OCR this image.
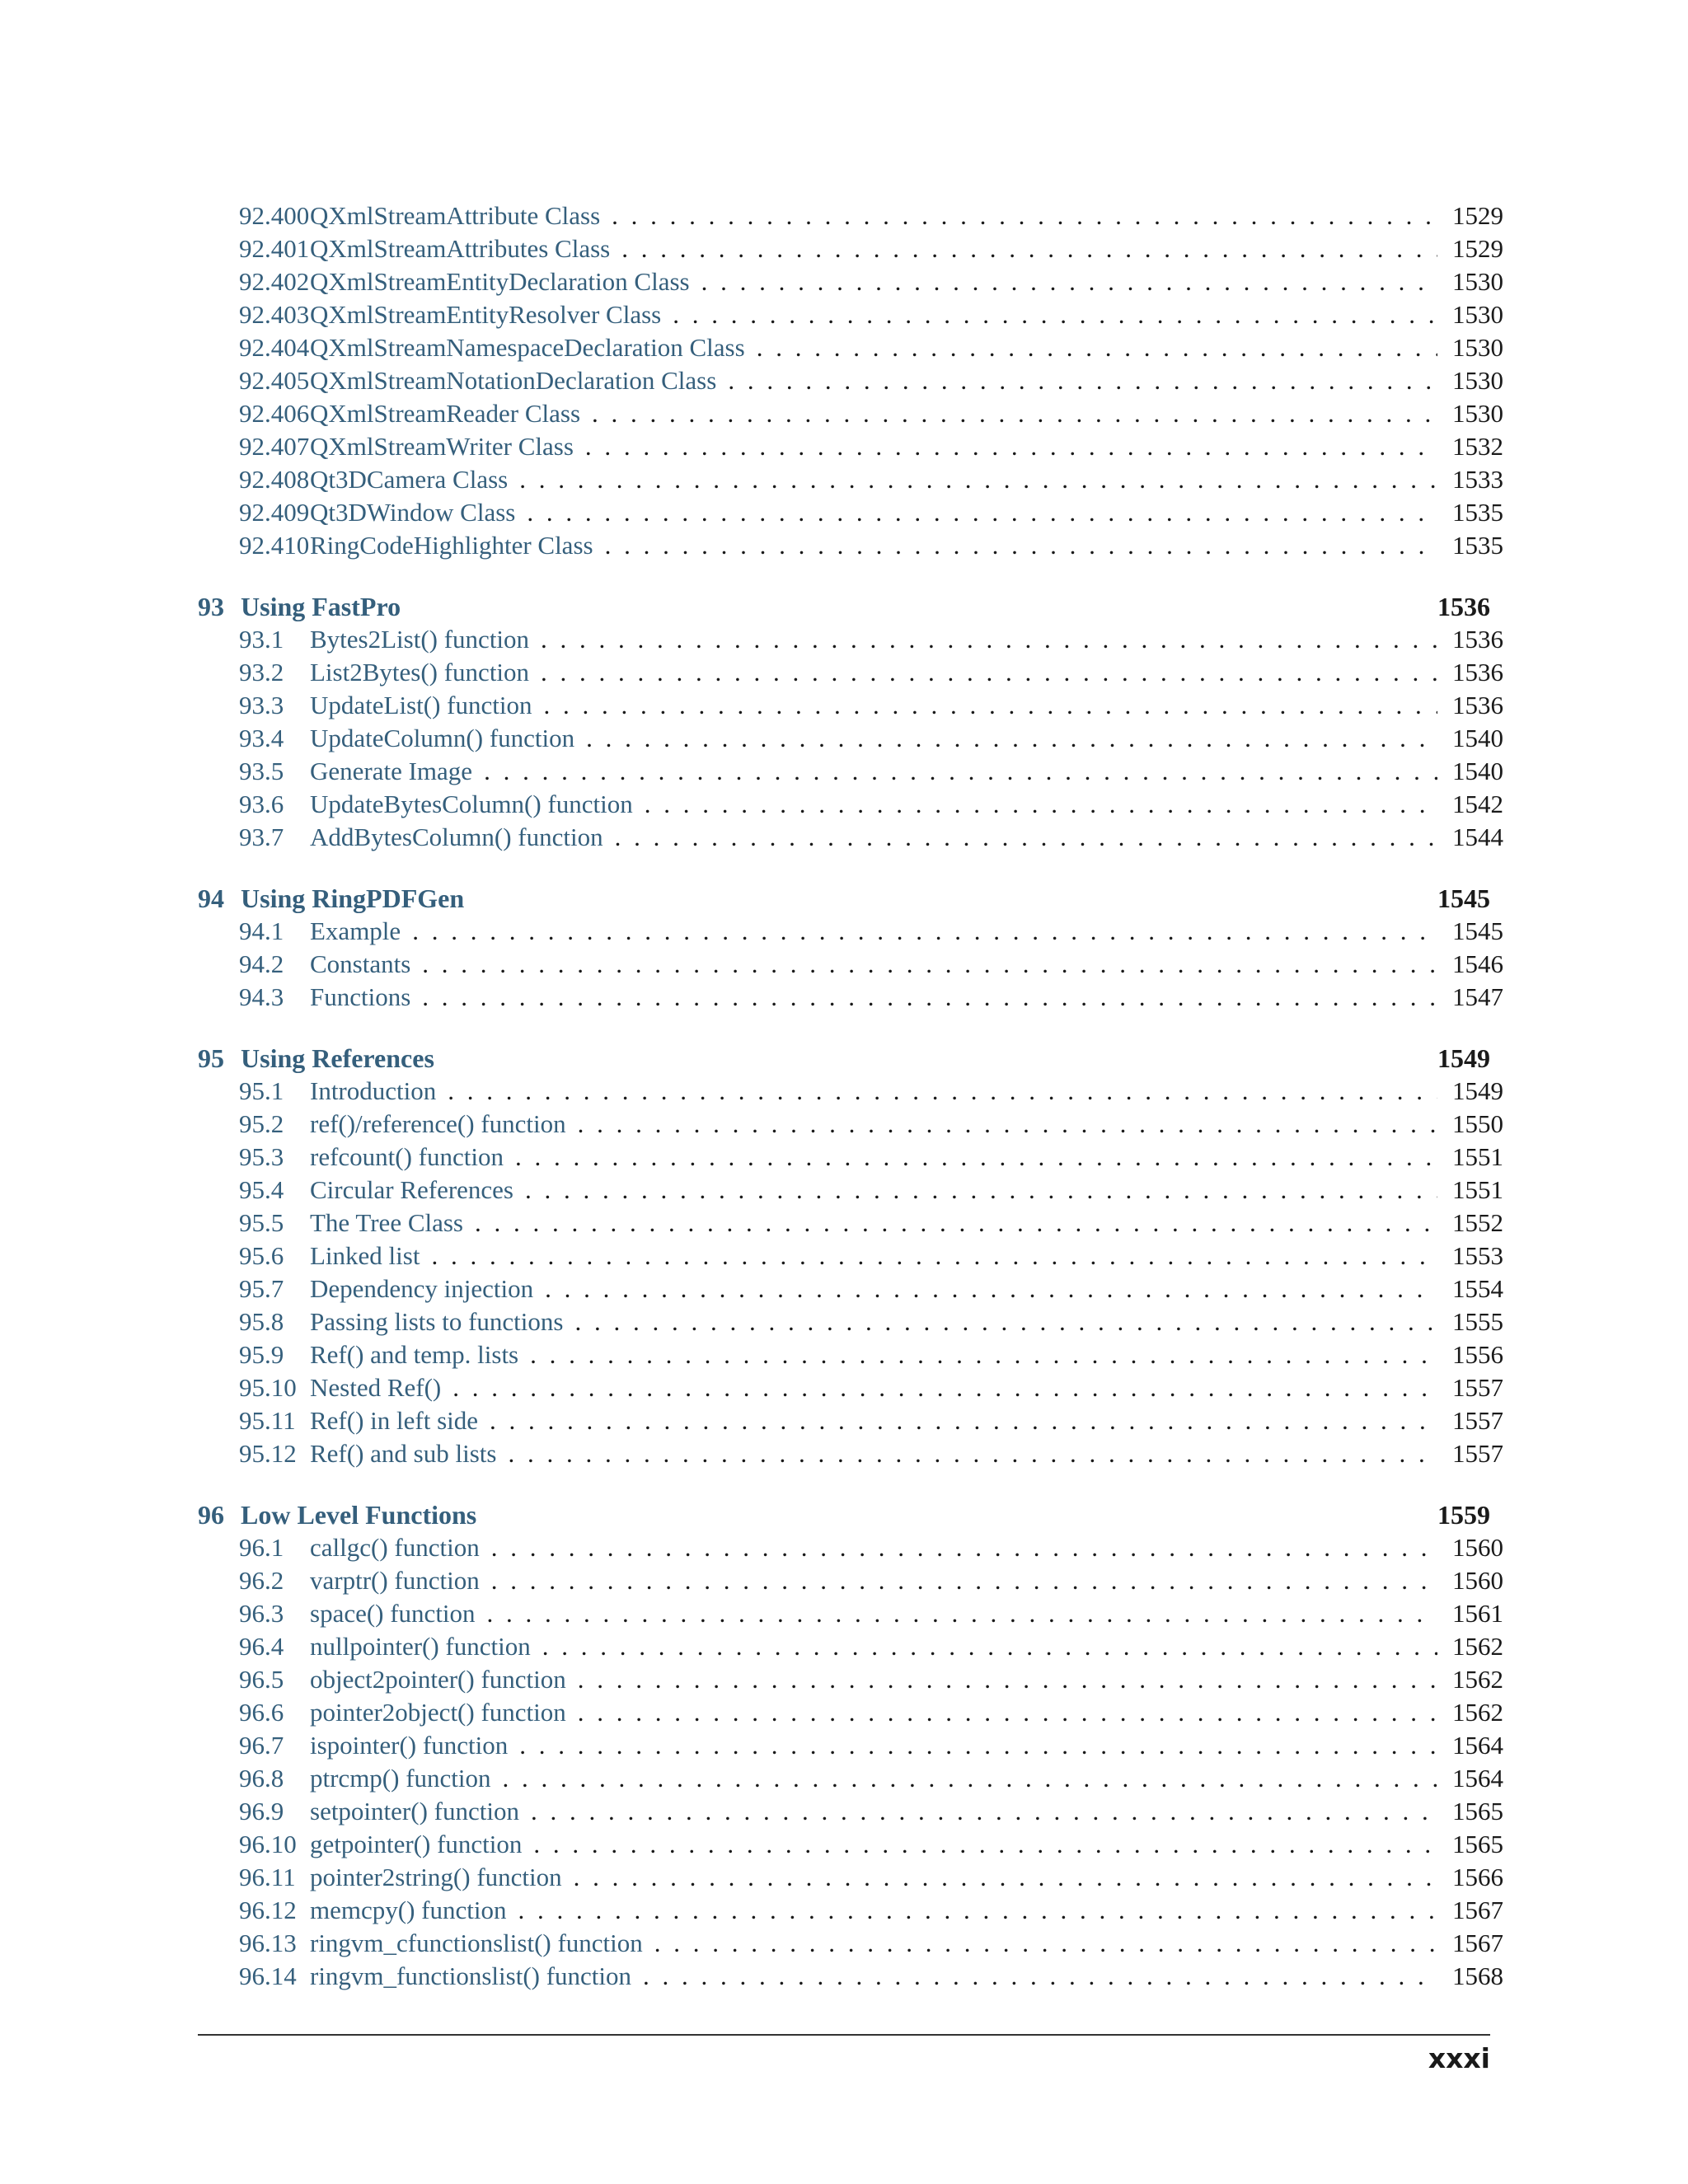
92.400 QXmlStreamAttribute Class . . .	1529
92.401 QXmlStreamAttributes Class . . .	1529
92.402 QXmlStreamEntityDeclaration Class . . .	1530
92.403 QXmlStreamEntityResolver Class . . .	1530
92.404 QXmlStreamNamespaceDeclaration Class . . .	1530
92.405 QXmlStreamNotationDeclaration Class . . .	1530
92.406 QXmlStreamReader Class . . .	1530
92.407 QXmlStreamWriter Class . . .	1532
92.408 Qt3DCamera Class . . .	1533
92.409 Qt3DWindow Class . . .	1535
92.410 RingCodeHighlighter Class . . .	1535
93 Using FastPro	1536
93.1	Bytes2List() function . . .	1536
93.2	List2Bytes() function . . .	1536
93.3	UpdateList() function . . .	1536
93.4	UpdateColumn() function . . .	1540
93.5	Generate Image . . .	1540
93.6	UpdateBytesColumn() function . . .	1542
93.7	AddBytesColumn() function . . .	1544
94 Using RingPDFGen	1545
94.1	Example . . .	1545
94.2	Constants . . .	1546
94.3	Functions . . .	1547
95 Using References	1549
95.1	Introduction . . .	1549
95.2	ref()/reference() function . . .	1550
95.3	refcount() function . . .	1551
95.4	Circular References . . .	1551
95.5	The Tree Class . . .	1552
95.6	Linked list . . .	1553
95.7	Dependency injection . . .	1554
95.8	Passing lists to functions . . .	1555
95.9	Ref() and temp. lists . . .	1556
95.10 Nested Ref() . . .	1557
95.11 Ref() in left side . . .	1557
95.12 Ref() and sub lists . . .	1557
96 Low Level Functions	1559
96.1	callgc() function . . .	1560
96.2	varptr() function . . .	1560
96.3	space() function . . .	1561
96.4	nullpointer() function . . .	1562
96.5	object2pointer() function . . .	1562
96.6	pointer2object() function . . .	1562
96.7	ispointer() function . . .	1564
96.8	ptrcmp() function . . .	1564
96.9	setpointer() function . . .	1565
96.10 getpointer() function . . .	1565
96.11 pointer2string() function . . .	1566
96.12 memcpy() function . . .	1567
96.13 ringvm_cfunctionslist() function . . .	1567
96.14 ringvm_functionslist() function . . .	1568
xxxi
